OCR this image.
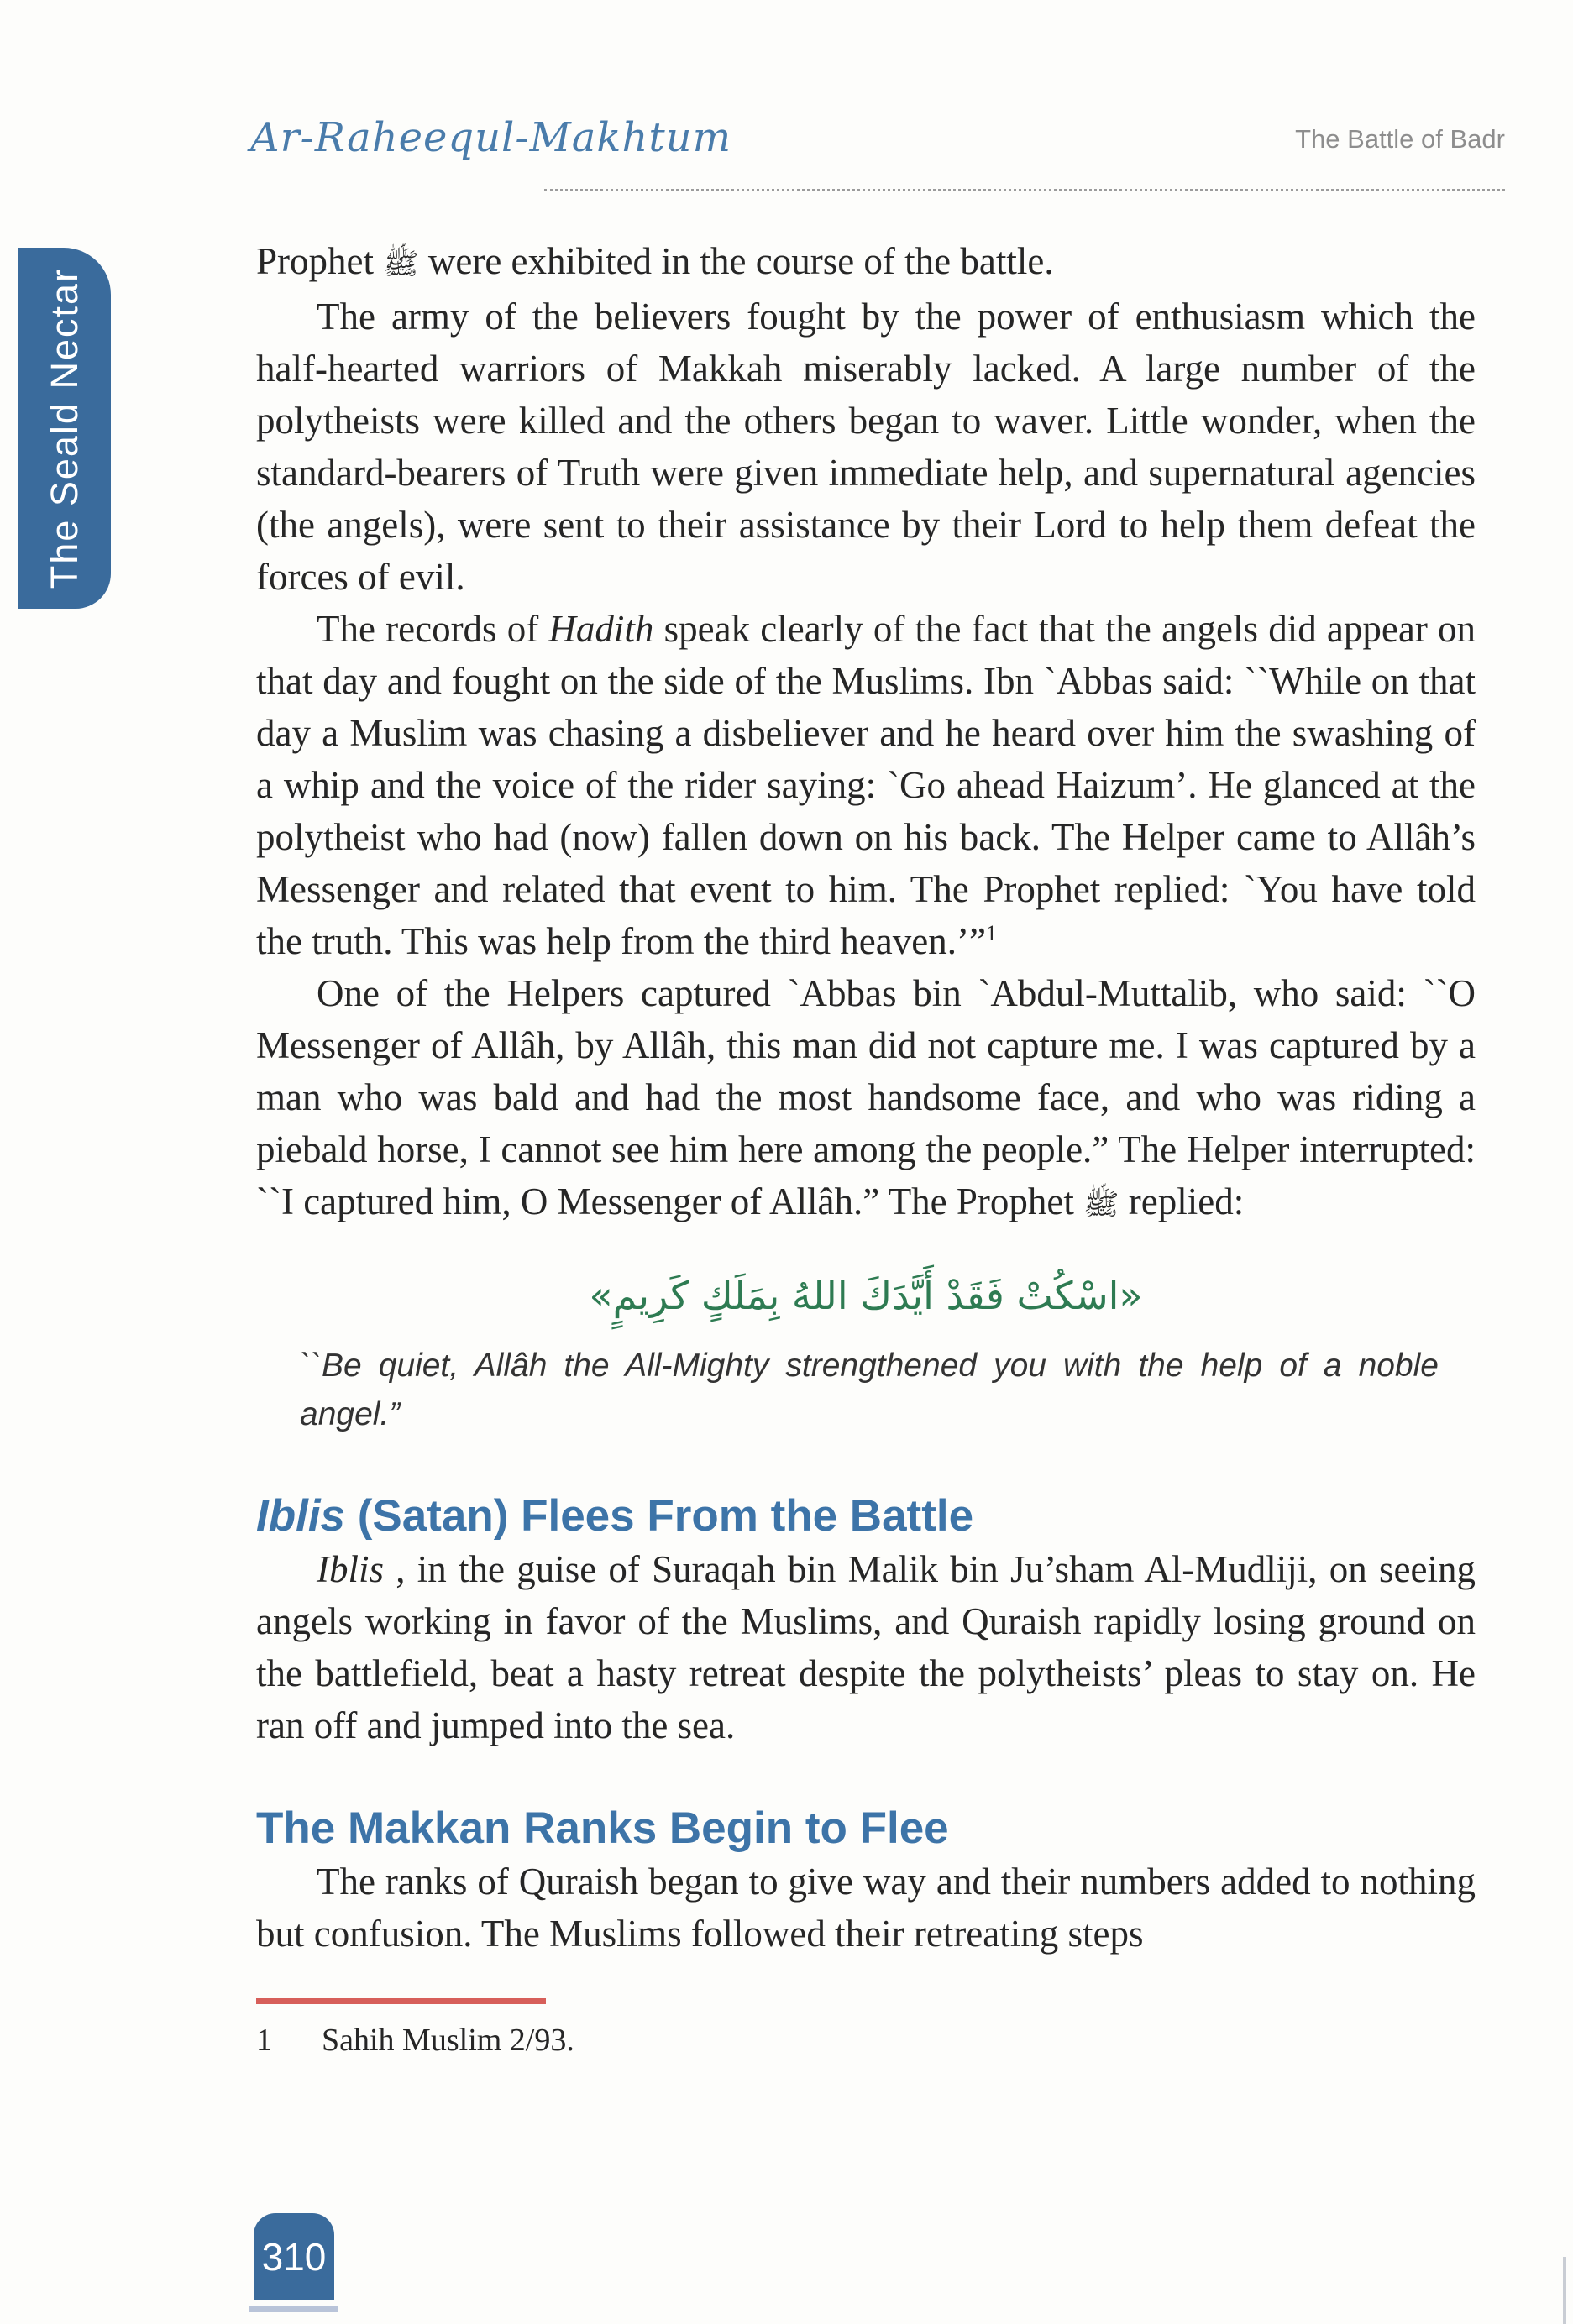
Ar-Raheequl-Makhtum	The Battle of Badr
The Seald Nectar

Prophet ﷺ were exhibited in the course of the battle.

The army of the believers fought by the power of enthusiasm which the half-hearted warriors of Makkah miserably lacked. A large number of the polytheists were killed and the others began to waver. Little wonder, when the standard-bearers of Truth were given immediate help, and supernatural agencies (the angels), were sent to their assistance by their Lord to help them defeat the forces of evil.

The records of Hadith speak clearly of the fact that the angels did appear on that day and fought on the side of the Muslims. Ibn `Abbas said: ``While on that day a Muslim was chasing a disbeliever and he heard over him the swashing of a whip and the voice of the rider saying: `Go ahead Haizum’. He glanced at the polytheist who had (now) fallen down on his back. The Helper came to Allâh’s Messenger and related that event to him. The Prophet replied: `You have told the truth. This was help from the third heaven.’”$^1$

One of the Helpers captured `Abbas bin `Abdul-Muttalib, who said: ``O Messenger of Allâh, by Allâh, this man did not capture me. I was captured by a man who was bald and had the most handsome face, and who was riding a piebald horse, I cannot see him here among the people.” The Helper interrupted: ``I captured him, O Messenger of Allâh.” The Prophet ﷺ replied:

«اسْكُتْ فَقَدْ أَيَّدَكَ اللهُ بِمَلَكٍ كَرِيمٍ»
``Be quiet, Allâh the All-Mighty strengthened you with the help of a noble angel.”
Iblis (Satan) Flees From the Battle

Iblis , in the guise of Suraqah bin Malik bin Ju’sham Al-Mudliji, on seeing angels working in favor of the Muslims, and Quraish rapidly losing ground on the battlefield, beat a hasty retreat despite the polytheists’ pleas to stay on. He ran off and jumped into the sea.

The Makkan Ranks Begin to Flee

The ranks of Quraish began to give way and their numbers added to nothing but confusion. The Muslims followed their retreating steps

1 Sahih Muslim 2/93.
310
